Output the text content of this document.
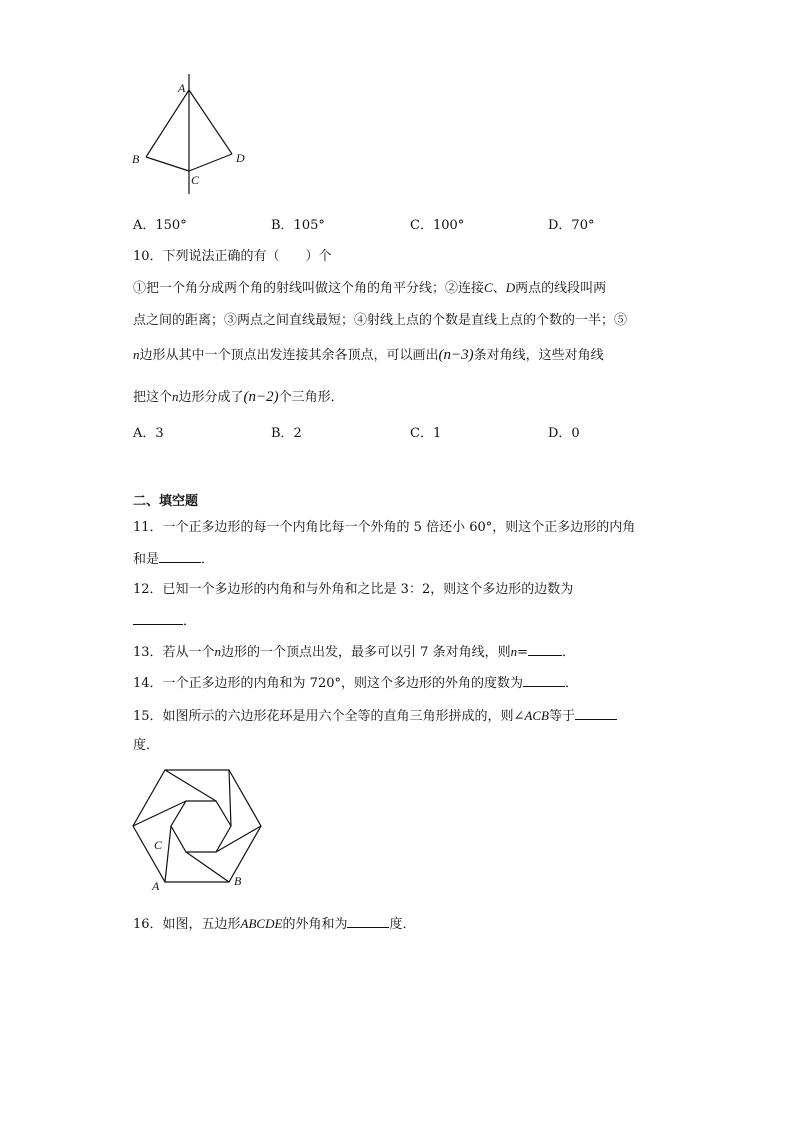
A
B
C
D
A．150°	B．105°	C．100°	D．70°
10．下列说法正确的有（　　）个
①把一个角分成两个角的射线叫做这个角的角平分线；②连接C、D两点的线段叫两
点之间的距离；③两点之间直线最短；④射线上点的个数是直线上点的个数的一半；⑤
n边形从其中一个顶点出发连接其余各顶点，可以画出(n−3)条对角线，这些对角线
把这个n边形分成了(n−2)个三角形．
A．3	B．2	C．1	D．0
二、填空题
11．一个正多边形的每一个内角比每一个外角的 5 倍还小 60°，则这个正多边形的内角
和是	．
12．已知一个多边形的内角和与外角和之比是 3：2，则这个多边形的边数为
．
13．若从一个n边形的一个顶点出发，最多可以引 7 条对角线，则n=	．
14．一个正多边形的内角和为 720°，则这个多边形的外角的度数为	．
15．如图所示的六边形花环是用六个全等的直角三角形拼成的，则∠ACB等于
度．
C
A	B
16．如图，五边形ABCDE的外角和为	度．
